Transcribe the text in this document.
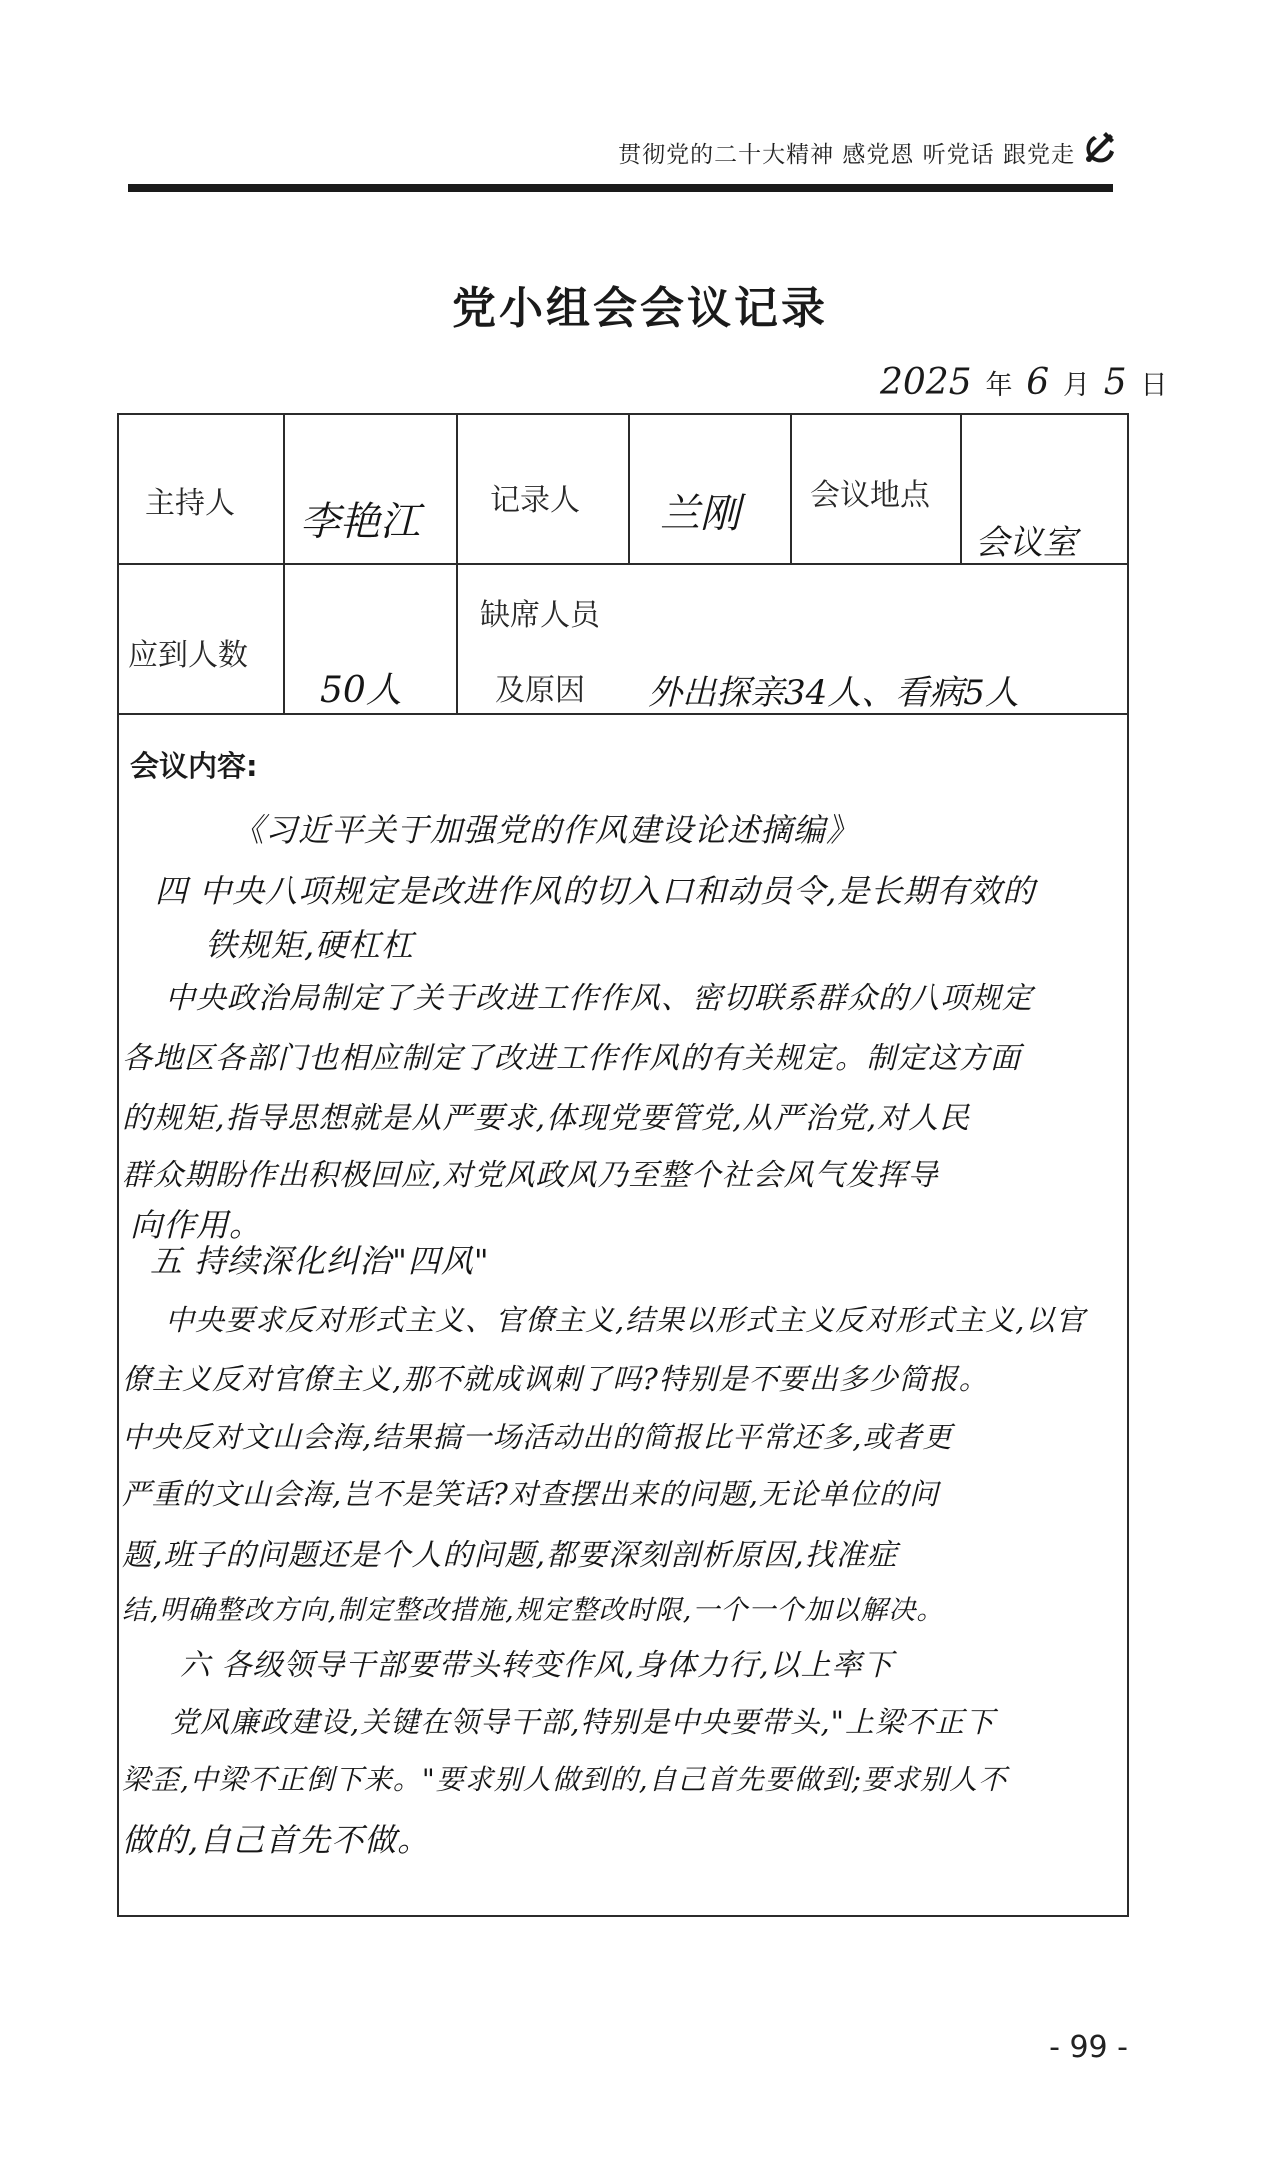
贯彻党的二十大精神 感党恩 听党话 跟党走
党小组会会议记录
2025 年 6 月 5 日
主持人 李艳江 记录人 兰刚 会议地点
会议室
应到人数
50人
缺席人员
及原因 外出探亲34人、看病5人
会议内容:
《习近平关于加强党的作风建设论述摘编》
四 中央八项规定是改进作风的切入口和动员令,是长期有效的
铁规矩,硬杠杠
中央政治局制定了关于改进工作作风、密切联系群众的八项规定
各地区各部门也相应制定了改进工作作风的有关规定。制定这方面
的规矩,指导思想就是从严要求,体现党要管党,从严治党,对人民
群众期盼作出积极回应,对党风政风乃至整个社会风气发挥导
向作用。
五 持续深化纠治"四风"
中央要求反对形式主义、官僚主义,结果以形式主义反对形式主义,以官
僚主义反对官僚主义,那不就成讽刺了吗?特别是不要出多少简报。
中央反对文山会海,结果搞一场活动出的简报比平常还多,或者更
严重的文山会海,岂不是笑话?对查摆出来的问题,无论单位的问
题,班子的问题还是个人的问题,都要深刻剖析原因,找准症
结,明确整改方向,制定整改措施,规定整改时限,一个一个加以解决。
六 各级领导干部要带头转变作风,身体力行,以上率下
党风廉政建设,关键在领导干部,特别是中央要带头,"上梁不正下
梁歪,中梁不正倒下来。"要求别人做到的,自己首先要做到;要求别人不
做的,自己首先不做。
- 99 -
